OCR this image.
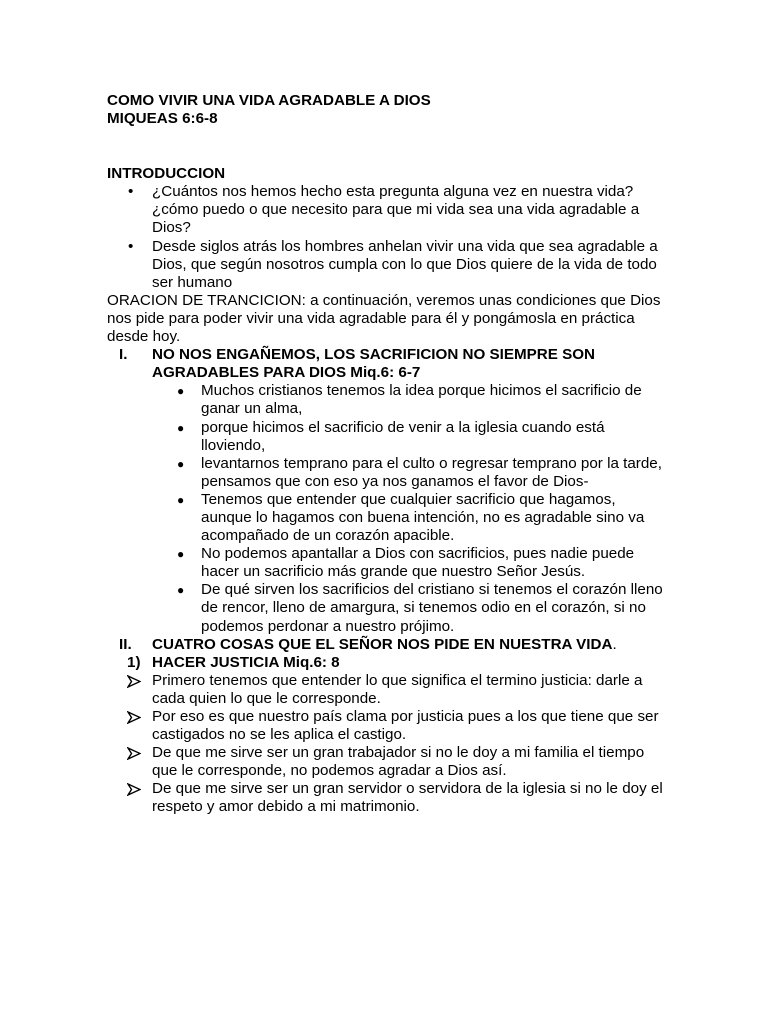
COMO VIVIR UNA VIDA AGRADABLE A DIOS
MIQUEAS 6:6-8
INTRODUCCION
• ¿Cuántos nos hemos hecho esta pregunta alguna vez en nuestra vida? ¿cómo puedo o que necesito para que mi vida sea una vida agradable a Dios?
• Desde siglos atrás los hombres anhelan vivir una vida que sea agradable a Dios, que según nosotros cumpla con lo que Dios quiere de la vida de todo ser humano
ORACION DE TRANCICION: a continuación, veremos unas condiciones que Dios nos pide para poder vivir una vida agradable para él y pongámosla en práctica desde hoy.
I. NO NOS ENGAÑEMOS, LOS SACRIFICION NO SIEMPRE SON AGRADABLES PARA DIOS Miq.6: 6-7
● Muchos cristianos tenemos la idea porque hicimos el sacrificio de ganar un alma,
● porque hicimos el sacrificio de venir a la iglesia cuando está lloviendo,
● levantarnos temprano para el culto o regresar temprano por la tarde, pensamos que con eso ya nos ganamos el favor de Dios-
● Tenemos que entender que cualquier sacrificio que hagamos, aunque lo hagamos con buena intención, no es agradable sino va acompañado de un corazón apacible.
● No podemos apantallar a Dios con sacrificios, pues nadie puede hacer un sacrificio más grande que nuestro Señor Jesús.
● De qué sirven los sacrificios del cristiano si tenemos el corazón lleno de rencor, lleno de amargura, si tenemos odio en el corazón, si no podemos perdonar a nuestro prójimo.
II. CUATRO COSAS QUE EL SEÑOR NOS PIDE EN NUESTRA VIDA.
1) HACER JUSTICIA Miq.6: 8
Primero tenemos que entender lo que significa el termino justicia: darle a cada quien lo que le corresponde.
Por eso es que nuestro país clama por justicia pues a los que tiene que ser castigados no se les aplica el castigo.
De que me sirve ser un gran trabajador si no le doy a mi familia el tiempo que le corresponde, no podemos agradar a Dios así.
De que me sirve ser un gran servidor o servidora de la iglesia si no le doy el respeto y amor debido a mi matrimonio.
